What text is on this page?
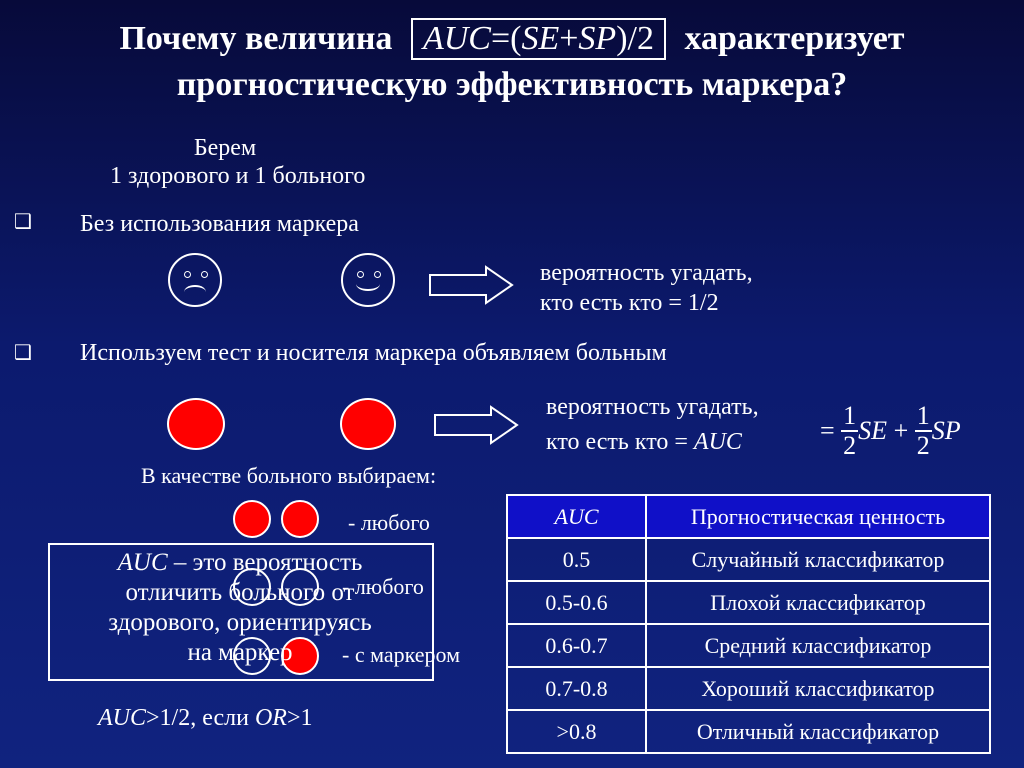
Почему величина AUC=(SE+SP)/2 характеризует
прогностическую эффективность маркера?
Берем
1 здорового и 1 больного
❑ Без использования маркера
вероятность угадать,
кто есть кто = 1/2
❑ Используем тест и носителя маркера объявляем больным
вероятность угадать,
кто есть кто = AUC	= $\frac{1}{2}$ SE + $\frac{1}{2}$ SP
В качестве больного выбираем:
- любого
- любого
- с маркером
AUC – это вероятность
отличить больного от
здорового, ориентируясь
на маркер
AUC>1/2, если OR>1
AUC	Прогностическая ценность
0.5	Случайный классификатор
0.5-0.6	Плохой классификатор
0.6-0.7	Средний классификатор
0.7-0.8	Хороший классификатор
>0.8	Отличный классификатор
